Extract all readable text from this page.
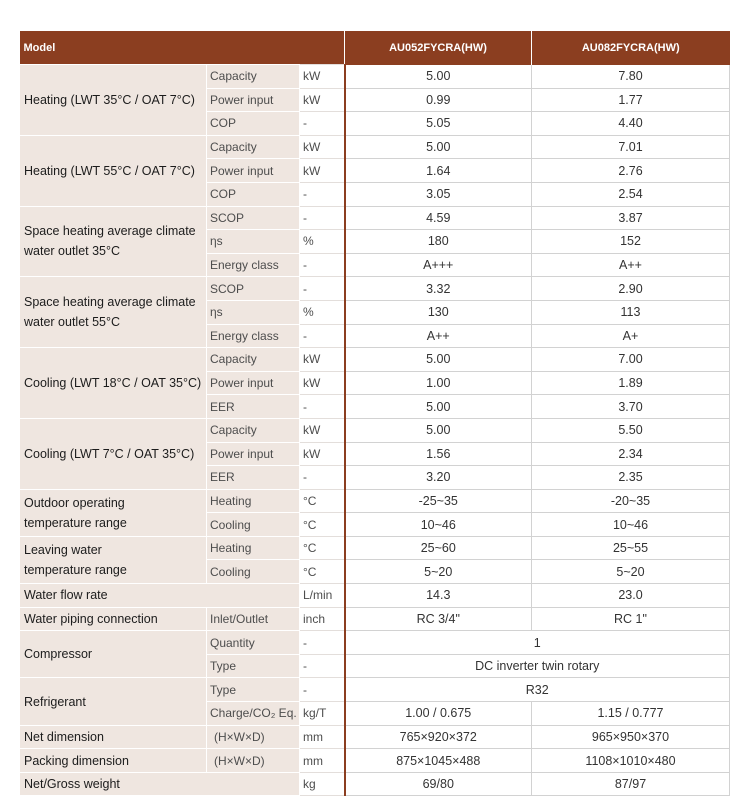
Model			AU052FYCRA(HW)	AU082FYCRA(HW)
Heating (LWT 35°C / OAT 7°C)	Capacity	kW	5.00	7.80
	Power input	kW	0.99	1.77
	COP	-	5.05	4.40
Heating (LWT 55°C / OAT 7°C)	Capacity	kW	5.00	7.01
	Power input	kW	1.64	2.76
	COP	-	3.05	2.54

Space heating average climate
water outlet 35°C	SCOP	-	4.59	3.87
	ηs	%	180	152
	Energy class	-	A+++	A++

Space heating average climate
water outlet 55°C	SCOP	-	3.32	2.90
	ηs	%	130	113
	Energy class	-	A++	A+
Cooling (LWT 18°C / OAT 35°C)	Capacity	kW	5.00	7.00
	Power input	kW	1.00	1.89
	EER	-	5.00	3.70
Cooling (LWT 7°C / OAT 35°C)	Capacity	kW	5.00	5.50
	Power input	kW	1.56	2.34
	EER	-	3.20	2.35

Outdoor operating
temperature range	Heating	°C	-25~35	-20~35
	Cooling	°C	10~46	10~46

Leaving water
temperature range	Heating	°C	25~60	25~55
	Cooling	°C	5~20	5~20
Water flow rate		L/min	14.3	23.0
Water piping connection	Inlet/Outlet	inch	RC 3/4"	RC 1"
Compressor	Quantity	-	1	
	Type	-	DC inverter twin rotary	
Refrigerant	Type	-	R32	
	Charge/CO₂ Eq.	kg/T	1.00 / 0.675	1.15 / 0.777
Net dimension	(H×W×D)	mm	765×920×372	965×950×370
Packing dimension	(H×W×D)	mm	875×1045×488	1108×1010×480
Net/Gross weight		kg	69/80	87/97
